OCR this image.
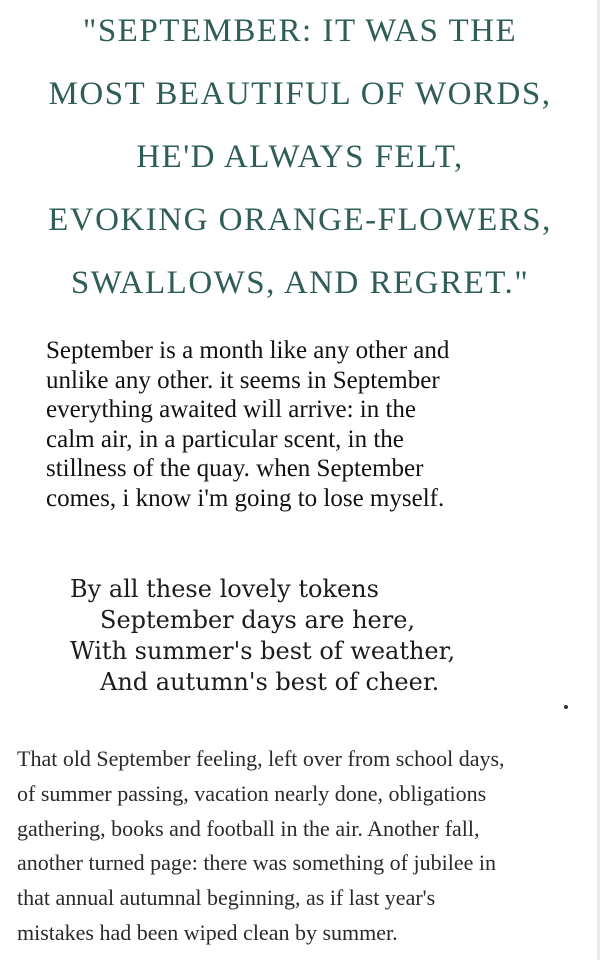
"SEPTEMBER: IT WAS THE
MOST BEAUTIFUL OF WORDS,
HE'D ALWAYS FELT,
EVOKING ORANGE-FLOWERS,
SWALLOWS, AND REGRET."
September is a month like any other and
unlike any other. it seems in September
everything awaited will arrive: in the
calm air, in a particular scent, in the
stillness of the quay. when September
comes, i know i'm going to lose myself.
By all these lovely tokens
September days are here,
With summer's best of weather,
And autumn's best of cheer.
That old September feeling, left over from school days,
of summer passing, vacation nearly done, obligations
gathering, books and football in the air. Another fall,
another turned page: there was something of jubilee in
that annual autumnal beginning, as if last year's
mistakes had been wiped clean by summer.
